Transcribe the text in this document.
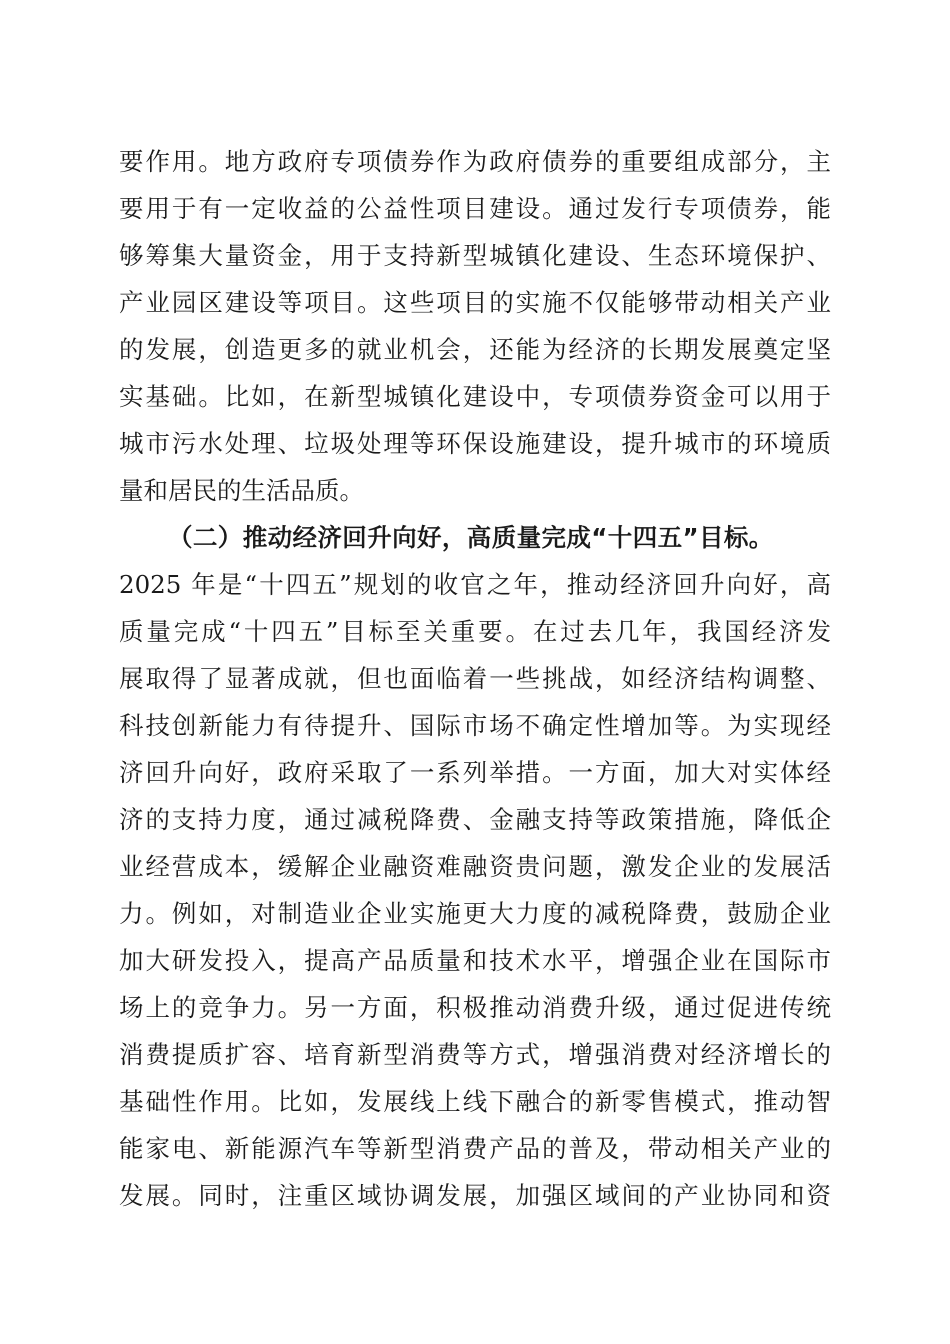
要作用。地方政府专项债券作为政府债券的重要组成部分，主
要用于有一定收益的公益性项目建设。通过发行专项债券，能
够筹集大量资金，用于支持新型城镇化建设、生态环境保护、
产业园区建设等项目。这些项目的实施不仅能够带动相关产业
的发展，创造更多的就业机会，还能为经济的长期发展奠定坚
实基础。比如，在新型城镇化建设中，专项债券资金可以用于
城市污水处理、垃圾处理等环保设施建设，提升城市的环境质
量和居民的生活品质。
（二）推动经济回升向好，高质量完成“十四五”目标。
2025 年是“十四五”规划的收官之年，推动经济回升向好，高
质量完成“十四五”目标至关重要。在过去几年，我国经济发
展取得了显著成就，但也面临着一些挑战，如经济结构调整、
科技创新能力有待提升、国际市场不确定性增加等。为实现经
济回升向好，政府采取了一系列举措。一方面，加大对实体经
济的支持力度，通过减税降费、金融支持等政策措施，降低企
业经营成本，缓解企业融资难融资贵问题，激发企业的发展活
力。例如，对制造业企业实施更大力度的减税降费，鼓励企业
加大研发投入，提高产品质量和技术水平，增强企业在国际市
场上的竞争力。另一方面，积极推动消费升级，通过促进传统
消费提质扩容、培育新型消费等方式，增强消费对经济增长的
基础性作用。比如，发展线上线下融合的新零售模式，推动智
能家电、新能源汽车等新型消费产品的普及，带动相关产业的
发展。同时，注重区域协调发展，加强区域间的产业协同和资
